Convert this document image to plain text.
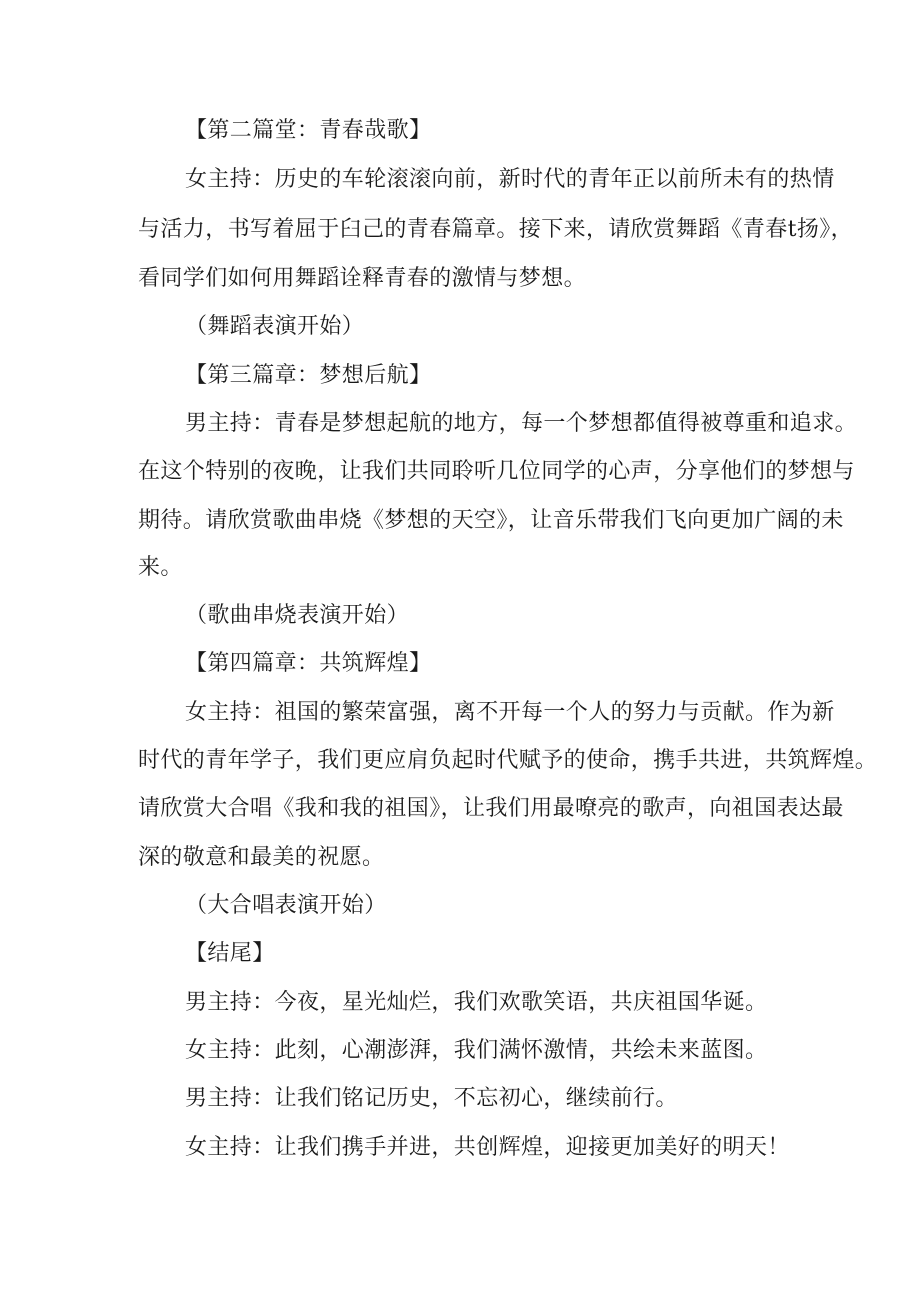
【第二篇堂：青春哉歌】
女主持：历史的车轮滚滚向前，新时代的青年正以前所未有的热情
与活力，书写着屈于臼己的青春篇章。接下来，请欣赏舞蹈《青春t扬》，
看同学们如何用舞蹈诠释青春的激情与梦想。
（舞蹈表演开始）
【第三篇章：梦想后航】
男主持：青春是梦想起航的地方，每一个梦想都值得被尊重和追求。
在这个特别的夜晚，让我们共同聆听几位同学的心声，分享他们的梦想与
期待。请欣赏歌曲串烧《梦想的天空》，让音乐带我们飞向更加广阔的未
来。
（歌曲串烧表演开始）
【第四篇章：共筑辉煌】
女主持：祖国的繁荣富强，离不开每一个人的努力与贡献。作为新
时代的青年学子，我们更应肩负起时代赋予的使命，携手共进，共筑辉煌。
请欣赏大合唱《我和我的祖国》，让我们用最嘹亮的歌声，向祖国表达最
深的敬意和最美的祝愿。
（大合唱表演开始）
【结尾】
男主持：今夜，星光灿烂，我们欢歌笑语，共庆祖国华诞。
女主持：此刻，心潮澎湃，我们满怀激情，共绘未来蓝图。
男主持：让我们铭记历史，不忘初心，继续前行。
女主持：让我们携手并进，共创辉煌，迎接更加美好的明天！
